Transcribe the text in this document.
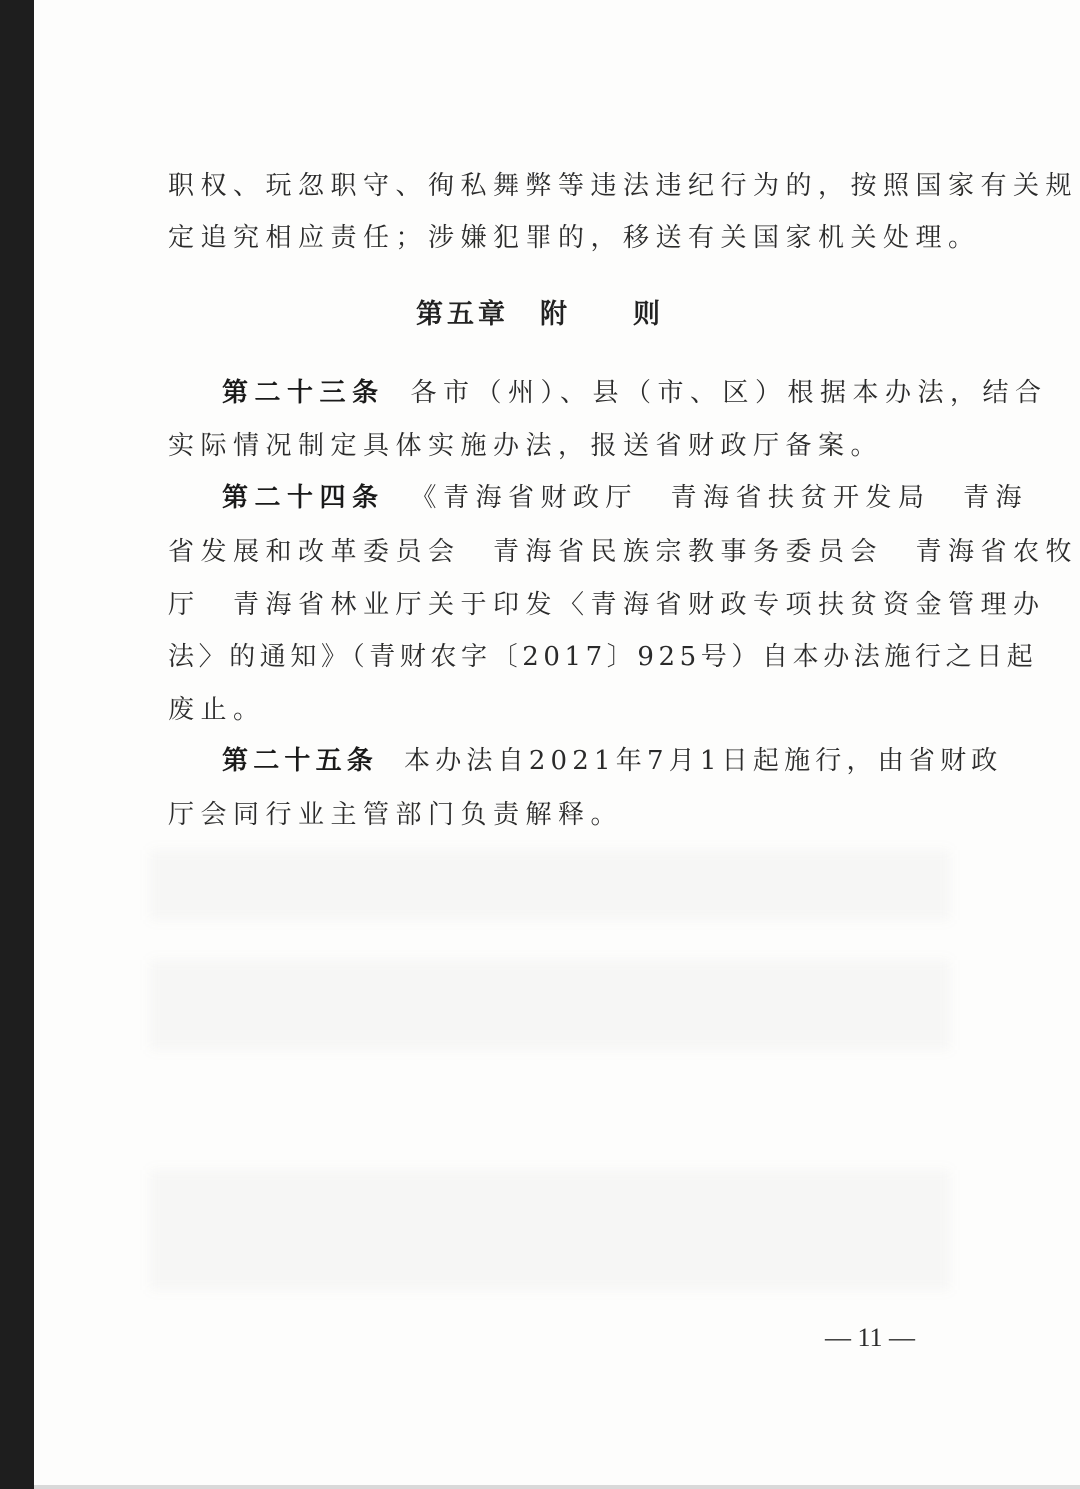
职权、玩忽职守、徇私舞弊等违法违纪行为的，按照国家有关规

定追究相应责任；涉嫌犯罪的，移送有关国家机关处理。

第五章　附　　则

第二十三条 各市（州）、县（市、区）根据本办法，结合

实际情况制定具体实施办法，报送省财政厅备案。

第二十四条 《青海省财政厅　青海省扶贫开发局　青海

省发展和改革委员会　青海省民族宗教事务委员会　青海省农牧

厅　青海省林业厅关于印发〈青海省财政专项扶贫资金管理办

法〉的通知》（青财农字〔2017〕925号）自本办法施行之日起

废止。

第二十五条 本办法自2021年7月1日起施行，由省财政

厅会同行业主管部门负责解释。

— 11 —
